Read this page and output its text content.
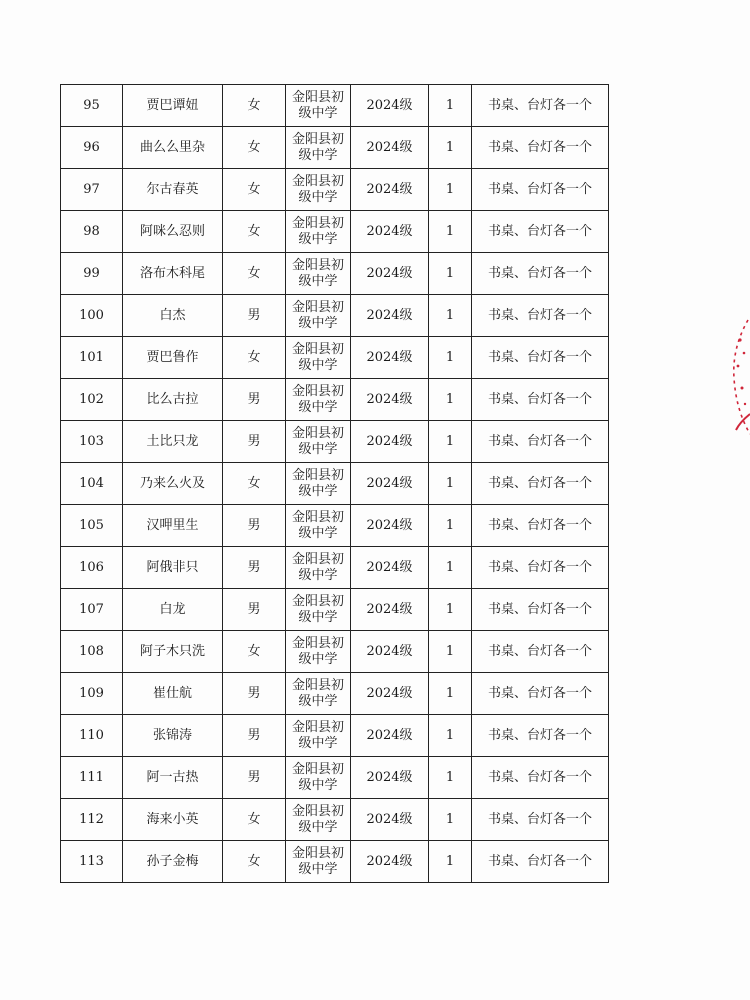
95	贾巴谭妞	女	金阳县初级中学	2024级	1	书桌、台灯各一个
96	曲么么里杂	女	金阳县初级中学	2024级	1	书桌、台灯各一个
97	尔古春英	女	金阳县初级中学	2024级	1	书桌、台灯各一个
98	阿咪么忍则	女	金阳县初级中学	2024级	1	书桌、台灯各一个
99	洛布木科尾	女	金阳县初级中学	2024级	1	书桌、台灯各一个
100	白杰	男	金阳县初级中学	2024级	1	书桌、台灯各一个
101	贾巴鲁作	女	金阳县初级中学	2024级	1	书桌、台灯各一个
102	比么古拉	男	金阳县初级中学	2024级	1	书桌、台灯各一个
103	土比只龙	男	金阳县初级中学	2024级	1	书桌、台灯各一个
104	乃来么火及	女	金阳县初级中学	2024级	1	书桌、台灯各一个
105	汉呷里生	男	金阳县初级中学	2024级	1	书桌、台灯各一个
106	阿俄非只	男	金阳县初级中学	2024级	1	书桌、台灯各一个
107	白龙	男	金阳县初级中学	2024级	1	书桌、台灯各一个
108	阿子木只洗	女	金阳县初级中学	2024级	1	书桌、台灯各一个
109	崔仕航	男	金阳县初级中学	2024级	1	书桌、台灯各一个
110	张锦涛	男	金阳县初级中学	2024级	1	书桌、台灯各一个
111	阿一古热	男	金阳县初级中学	2024级	1	书桌、台灯各一个
112	海来小英	女	金阳县初级中学	2024级	1	书桌、台灯各一个
113	孙子金梅	女	金阳县初级中学	2024级	1	书桌、台灯各一个
